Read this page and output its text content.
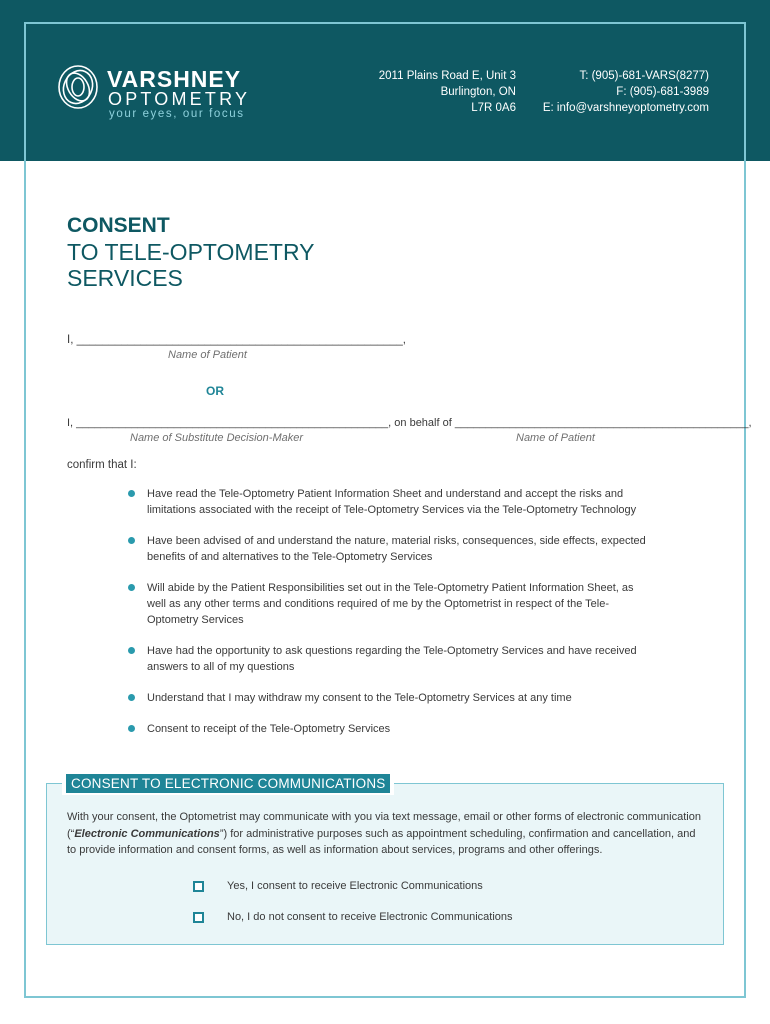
VARSHNEY
OPTOMETRY
your eyes, our focus
2011 Plains Road E, Unit 3
Burlington, ON
L7R 0A6
T: (905)-681-VARS(8277)
F: (905)-681-3989
E: info@varshneyoptometry.com
CONSENT
TO TELE-OPTOMETRY
SERVICES
I, ___________________________________________________,
Name of Patient
OR
I, ___________________________________________________, on behalf of ________________________________________________,
Name of Substitute Decision-Maker	Name of Patient
confirm that I:
Have read the Tele-Optometry Patient Information Sheet and understand and accept the risks and limitations associated with the receipt of Tele-Optometry Services via the Tele-Optometry Technology
Have been advised of and understand the nature, material risks, consequences, side effects, expected benefits of and alternatives to the Tele-Optometry Services
Will abide by the Patient Responsibilities set out in the Tele-Optometry Patient Information Sheet, as well as any other terms and conditions required of me by the Optometrist in respect of the Tele-Optometry Services
Have had the opportunity to ask questions regarding the Tele-Optometry Services and have received answers to all of my questions
Understand that I may withdraw my consent to the Tele-Optometry Services at any time
Consent to receipt of the Tele-Optometry Services
CONSENT TO ELECTRONIC COMMUNICATIONS
With your consent, the Optometrist may communicate with you via text message, email or other forms of electronic communication (“Electronic Communications”) for administrative purposes such as appointment scheduling, confirmation and cancellation, and to provide information and consent forms, as well as information about services, programs and other offerings.
Yes, I consent to receive Electronic Communications
No, I do not consent to receive Electronic Communications
